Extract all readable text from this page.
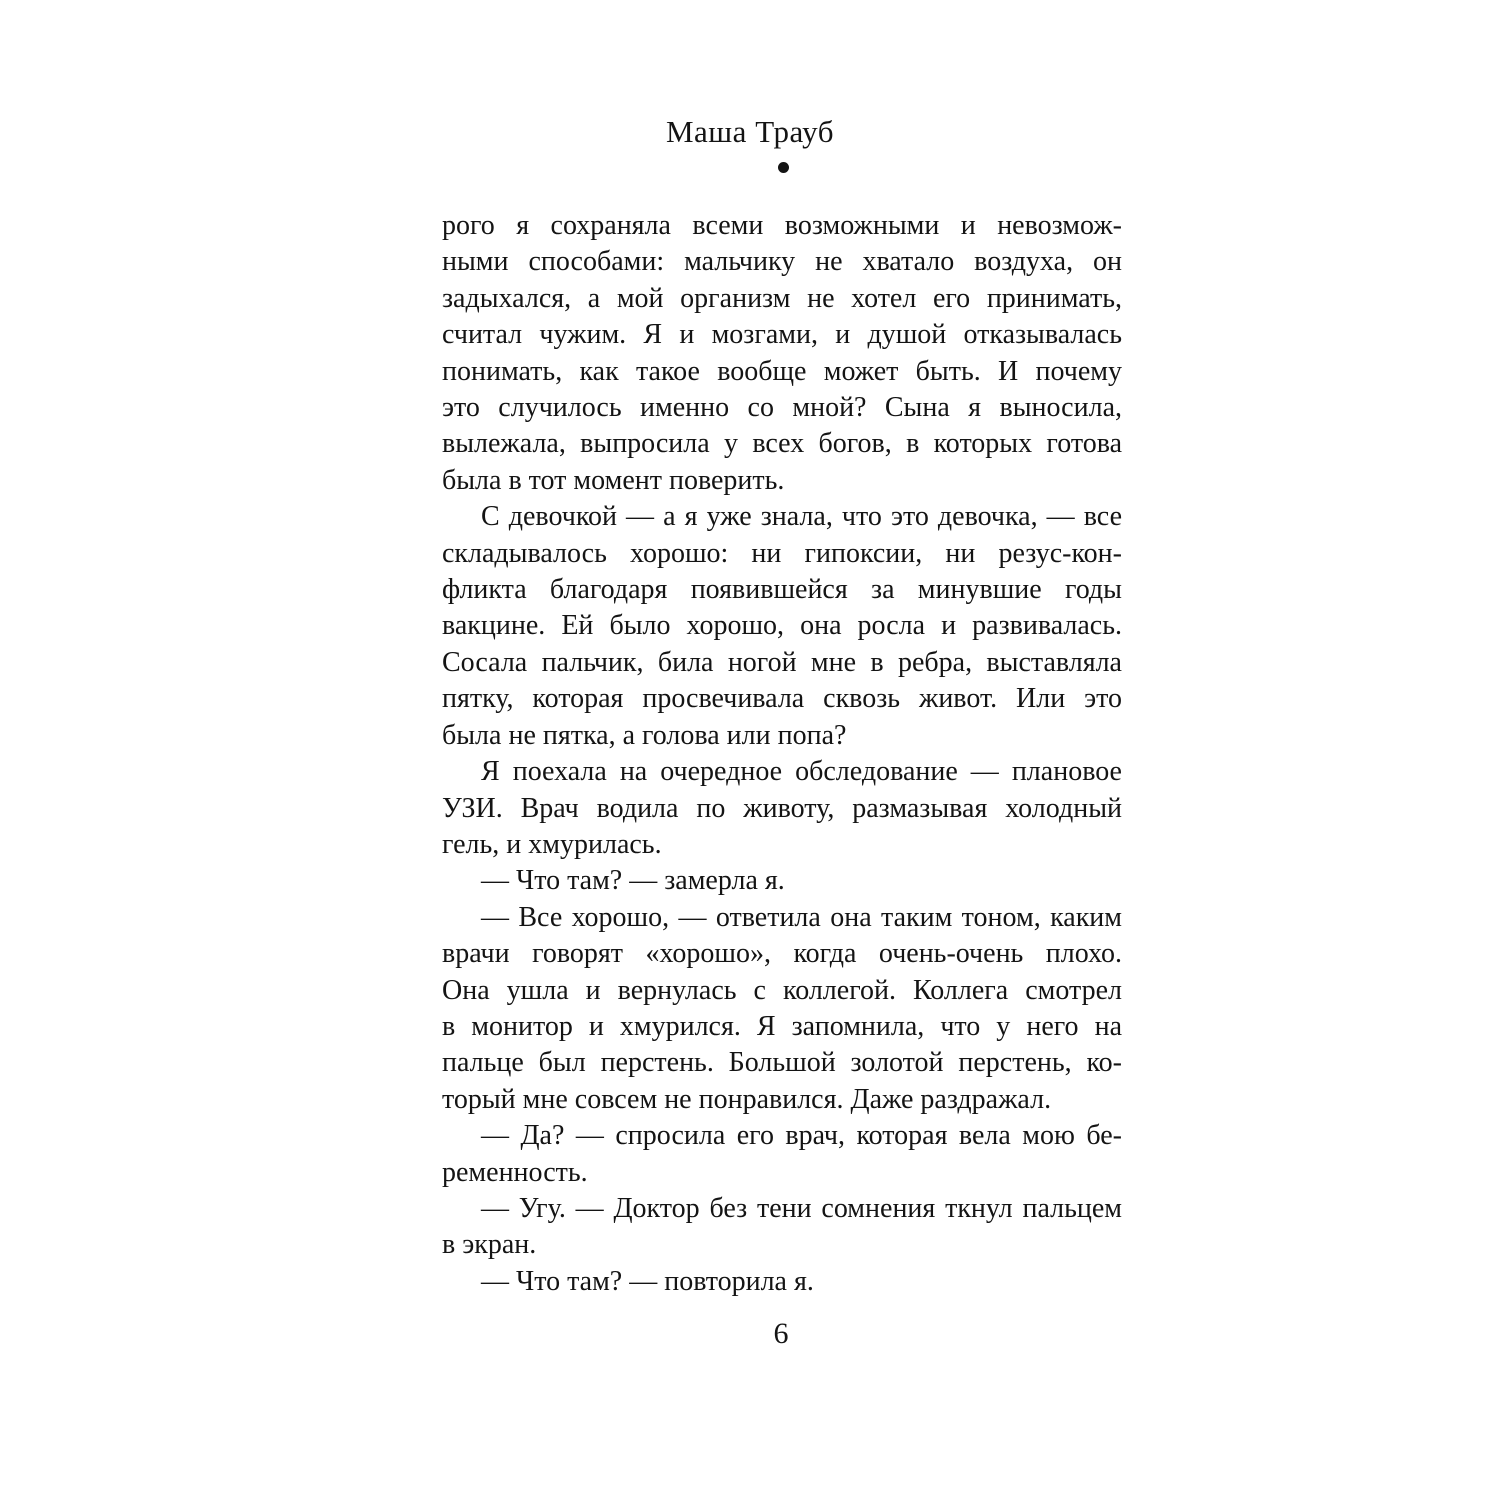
Маша Трауб
рого я сохраняла всеми возможными и невозмож-
ными способами: мальчику не хватало воздуха, он
задыхался, а мой организм не хотел его принимать,
считал чужим. Я и мозгами, и душой отказывалась
понимать, как такое вообще может быть. И почему
это случилось именно со мной? Сына я выносила,
вылежала, выпросила у всех богов, в которых готова
была в тот момент поверить.
С девочкой — а я уже знала, что это девочка, — все
складывалось хорошо: ни гипоксии, ни резус-кон-
фликта благодаря появившейся за минувшие годы
вакцине. Ей было хорошо, она росла и развивалась.
Сосала пальчик, била ногой мне в ребра, выставляла
пятку, которая просвечивала сквозь живот. Или это
была не пятка, а голова или попа?
Я поехала на очередное обследование — плановое
УЗИ. Врач водила по животу, размазывая холодный
гель, и хмурилась.
— Что там? — замерла я.
— Все хорошо, — ответила она таким тоном, каким
врачи говорят «хорошо», когда очень-очень плохо.
Она ушла и вернулась с коллегой. Коллега смотрел
в монитор и хмурился. Я запомнила, что у него на
пальце был перстень. Большой золотой перстень, ко-
торый мне совсем не понравился. Даже раздражал.
— Да? — спросила его врач, которая вела мою бе-
ременность.
— Угу. — Доктор без тени сомнения ткнул пальцем
в экран.
— Что там? — повторила я.
6
